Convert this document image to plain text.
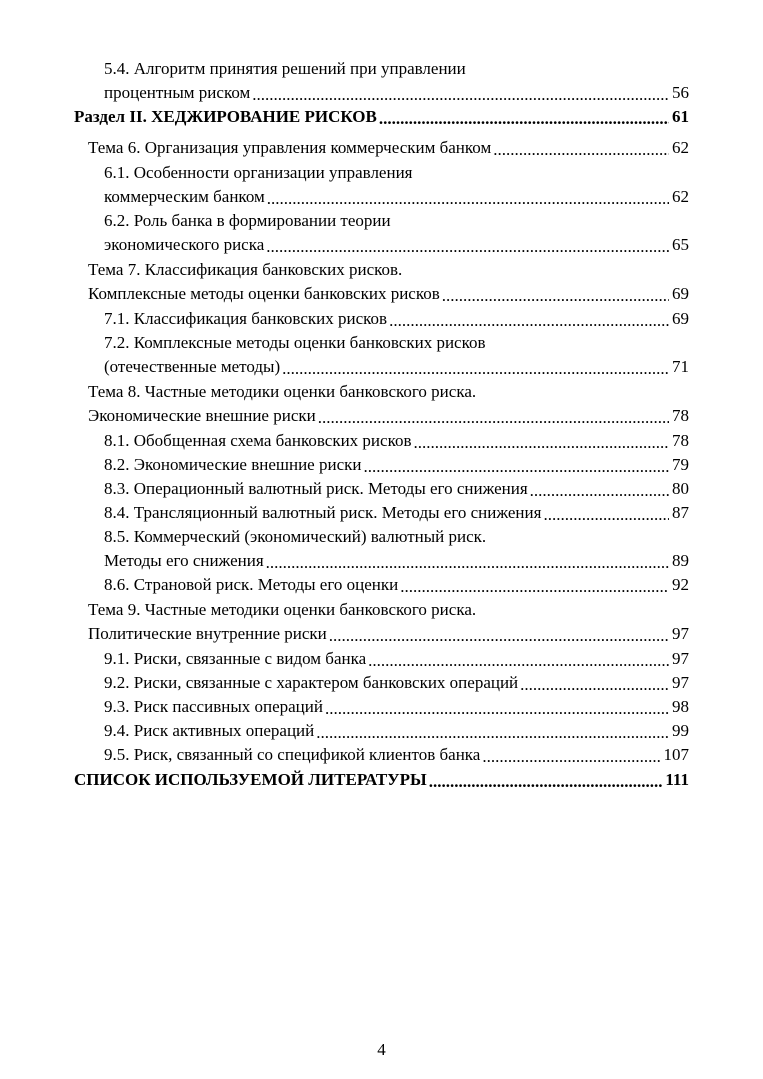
5.4. Алгоритм принятия решений при управлении
процентным риском .....	56
Раздел II. ХЕДЖИРОВАНИЕ РИСКОВ .....	61
Тема 6. Организация управления коммерческим банком .....	62
6.1. Особенности организации управления
коммерческим банком .....	62
6.2. Роль банка в формировании теории
экономического риска .....	65
Тема 7. Классификация банковских рисков.
Комплексные методы оценки банковских рисков .....	69
7.1. Классификация банковских рисков .....	69
7.2. Комплексные методы оценки банковских рисков
(отечественные методы) .....	71
Тема 8. Частные методики оценки банковского риска.
Экономические внешние риски .....	78
8.1. Обобщенная схема банковских рисков .....	78
8.2. Экономические внешние риски .....	79
8.3. Операционный валютный риск. Методы его снижения .....	80
8.4. Трансляционный валютный риск. Методы его снижения .....	87
8.5. Коммерческий (экономический) валютный риск.
Методы его снижения .....	89
8.6. Страновой риск. Методы его оценки .....	92
Тема 9. Частные методики оценки банковского риска.
Политические внутренние риски .....	97
9.1. Риски, связанные с видом банка .....	97
9.2. Риски, связанные с характером банковских операций .....	97
9.3. Риск пассивных операций .....	98
9.4. Риск активных операций .....	99
9.5. Риск, связанный со спецификой клиентов банка .....	107
СПИСОК ИСПОЛЬЗУЕМОЙ ЛИТЕРАТУРЫ .....	111
4
